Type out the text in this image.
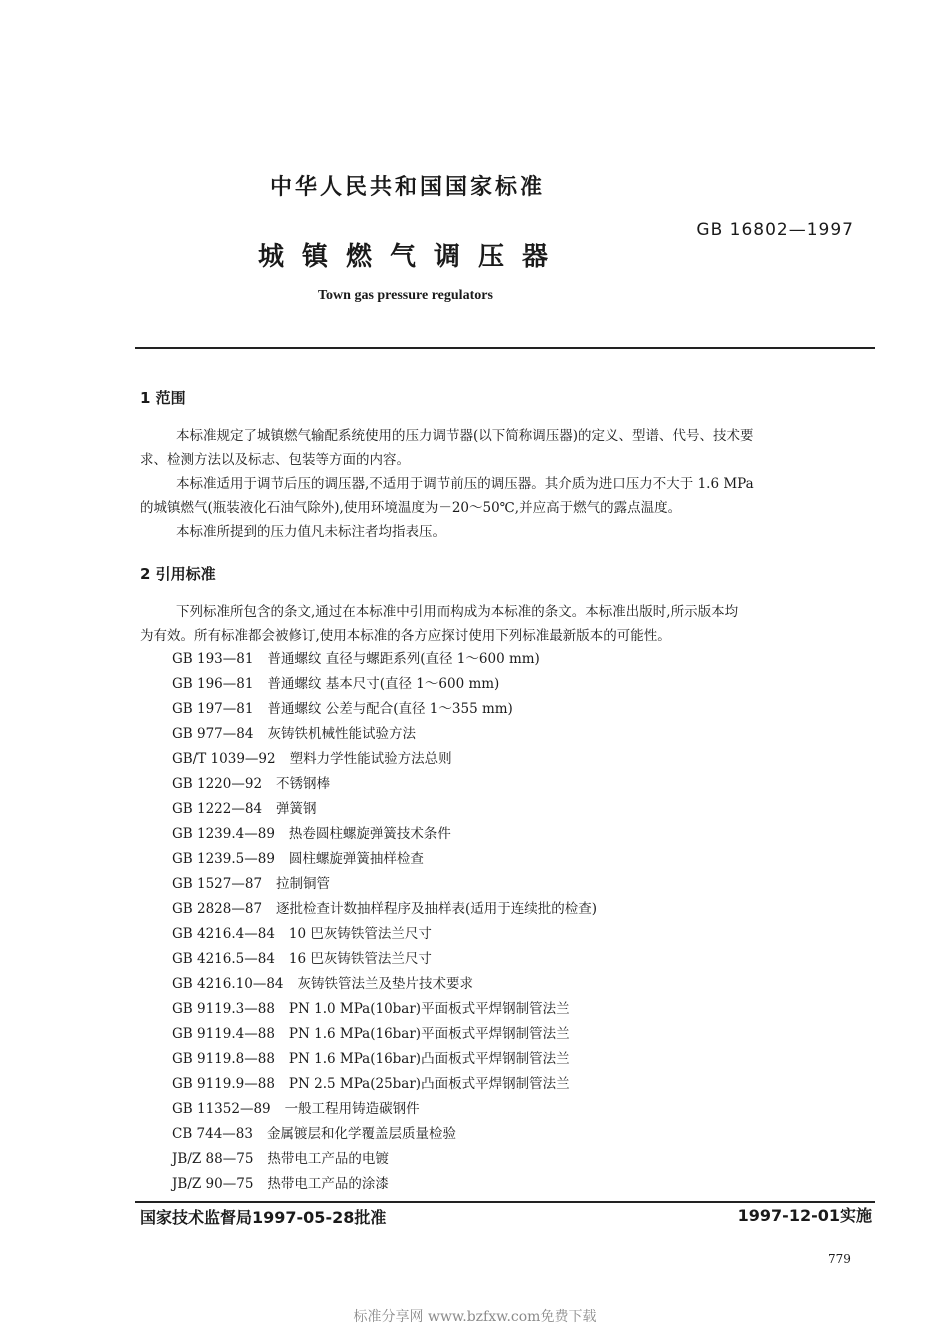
中华人民共和国国家标准
GB 16802—1997
城镇燃气调压器
Town gas pressure regulators
1 范围
本标准规定了城镇燃气输配系统使用的压力调节器(以下简称调压器)的定义、型谱、代号、技术要
求、检测方法以及标志、包装等方面的内容。
本标准适用于调节后压的调压器,不适用于调节前压的调压器。其介质为进口压力不大于 1.6 MPa
的城镇燃气(瓶装液化石油气除外),使用环境温度为－20～50℃,并应高于燃气的露点温度。
本标准所提到的压力值凡未标注者均指表压。
2 引用标准
下列标准所包含的条文,通过在本标准中引用而构成为本标准的条文。本标准出版时,所示版本均
为有效。所有标准都会被修订,使用本标准的各方应探讨使用下列标准最新版本的可能性。
GB 193—81 普通螺纹 直径与螺距系列(直径 1～600 mm)
GB 196—81 普通螺纹 基本尺寸(直径 1～600 mm)
GB 197—81 普通螺纹 公差与配合(直径 1～355 mm)
GB 977—84 灰铸铁机械性能试验方法
GB/T 1039—92 塑料力学性能试验方法总则
GB 1220—92 不锈钢棒
GB 1222—84 弹簧钢
GB 1239.4—89 热卷圆柱螺旋弹簧技术条件
GB 1239.5—89 圆柱螺旋弹簧抽样检查
GB 1527—87 拉制铜管
GB 2828—87 逐批检查计数抽样程序及抽样表(适用于连续批的检查)
GB 4216.4—84 10 巴灰铸铁管法兰尺寸
GB 4216.5—84 16 巴灰铸铁管法兰尺寸
GB 4216.10—84 灰铸铁管法兰及垫片技术要求
GB 9119.3—88 PN 1.0 MPa(10bar)平面板式平焊钢制管法兰
GB 9119.4—88 PN 1.6 MPa(16bar)平面板式平焊钢制管法兰
GB 9119.8—88 PN 1.6 MPa(16bar)凸面板式平焊钢制管法兰
GB 9119.9—88 PN 2.5 MPa(25bar)凸面板式平焊钢制管法兰
GB 11352—89 一般工程用铸造碳钢件
CB 744—83 金属镀层和化学覆盖层质量检验
JB/Z 88—75 热带电工产品的电镀
JB/Z 90—75 热带电工产品的涂漆
国家技术监督局1997-05-28批准	1997-12-01实施
779
标准分享网 www.bzfxw.com免费下载
